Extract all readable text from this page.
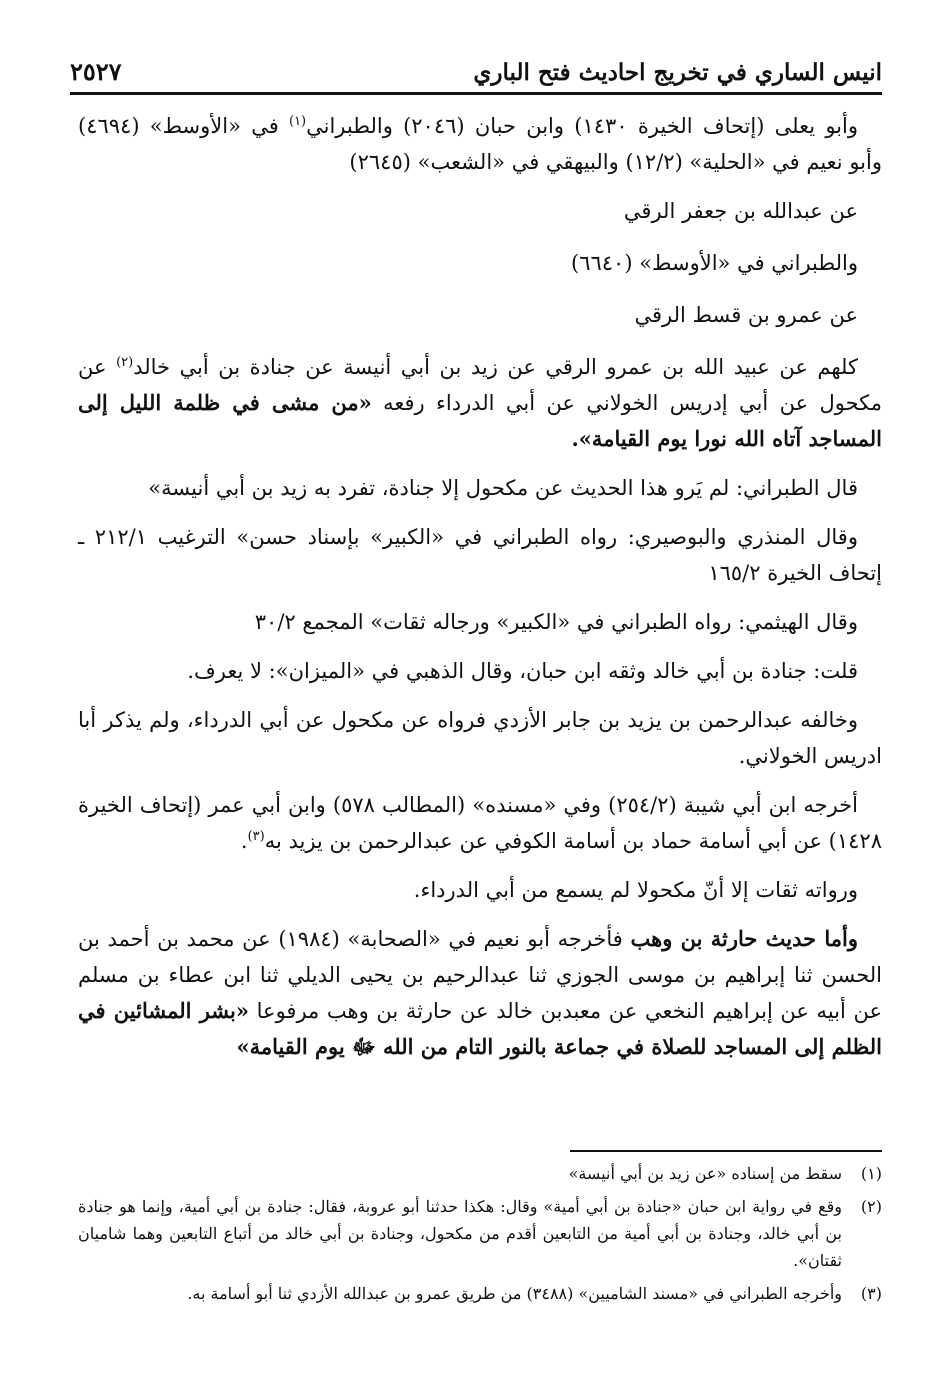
انيس الساري في تخريج احاديث فتح الباري
٢٥٢٧

وأبو يعلى (إتحاف الخيرة ١٤٣٠) وابن حبان (٢٠٤٦) والطبراني$^{(١)}$ في «الأوسط» (٤٦٩٤) وأبو نعيم في «الحلية» (١٢/٢) والبيهقي في «الشعب» (٢٦٤٥)

عن عبدالله بن جعفر الرقي

والطبراني في «الأوسط» (٦٦٤٠)

عن عمرو بن قسط الرقي

كلهم عن عبيد الله بن عمرو الرقي عن زيد بن أبي أنيسة عن جنادة بن أبي خالد$^{(٢)}$ عن مكحول عن أبي إدريس الخولاني عن أبي الدرداء رفعه «من مشى في ظلمة الليل إلى المساجد آتاه الله نورا يوم القيامة».

قال الطبراني: لم يَرو هذا الحديث عن مكحول إلا جنادة، تفرد به زيد بن أبي أنيسة»

وقال المنذري والبوصيري: رواه الطبراني في «الكبير» بإسناد حسن» الترغيب ٢١٢/١ ـ إتحاف الخيرة ١٦٥/٢

وقال الهيثمي: رواه الطبراني في «الكبير» ورجاله ثقات» المجمع ٣٠/٢

قلت: جنادة بن أبي خالد وثقه ابن حبان، وقال الذهبي في «الميزان»: لا يعرف.

وخالفه عبدالرحمن بن يزيد بن جابر الأزدي فرواه عن مكحول عن أبي الدرداء، ولم يذكر أبا ادريس الخولاني.

أخرجه ابن أبي شيبة (٢٥٤/٢) وفي «مسنده» (المطالب ٥٧٨) وابن أبي عمر (إتحاف الخيرة ١٤٢٨) عن أبي أسامة حماد بن أسامة الكوفي عن عبدالرحمن بن يزيد به$^{(٣)}$.

ورواته ثقات إلا أنّ مكحولا لم يسمع من أبي الدرداء.

وأما حديث حارثة بن وهب فأخرجه أبو نعيم في «الصحابة» (١٩٨٤) عن محمد بن أحمد بن الحسن ثنا إبراهيم بن موسى الجوزي ثنا عبدالرحيم بن يحيى الديلي ثنا ابن عطاء بن مسلم عن أبيه عن إبراهيم النخعي عن معبدبن خالد عن حارثة بن وهب مرفوعا «بشر المشائين في الظلم إلى المساجد للصلاة في جماعة بالنور التام من الله ﷻ يوم القيامة»

(١)
سقط من إسناده «عن زيد بن أبي أنيسة»
(٢)
وقع في رواية ابن حبان «جنادة بن أبي أمية» وقال: هكذا حدثنا أبو عروبة، فقال: جنادة بن أبي أمية، وإنما هو جنادة بن أبي خالد، وجنادة بن أبي أمية من التابعين أقدم من مكحول، وجنادة بن أبي خالد من أتباع التابعين وهما شاميان ثقتان».
(٣)
وأخرجه الطبراني في «مسند الشاميين» (٣٤٨٨) من طريق عمرو بن عبدالله الأزدي ثنا أبو أسامة به.
